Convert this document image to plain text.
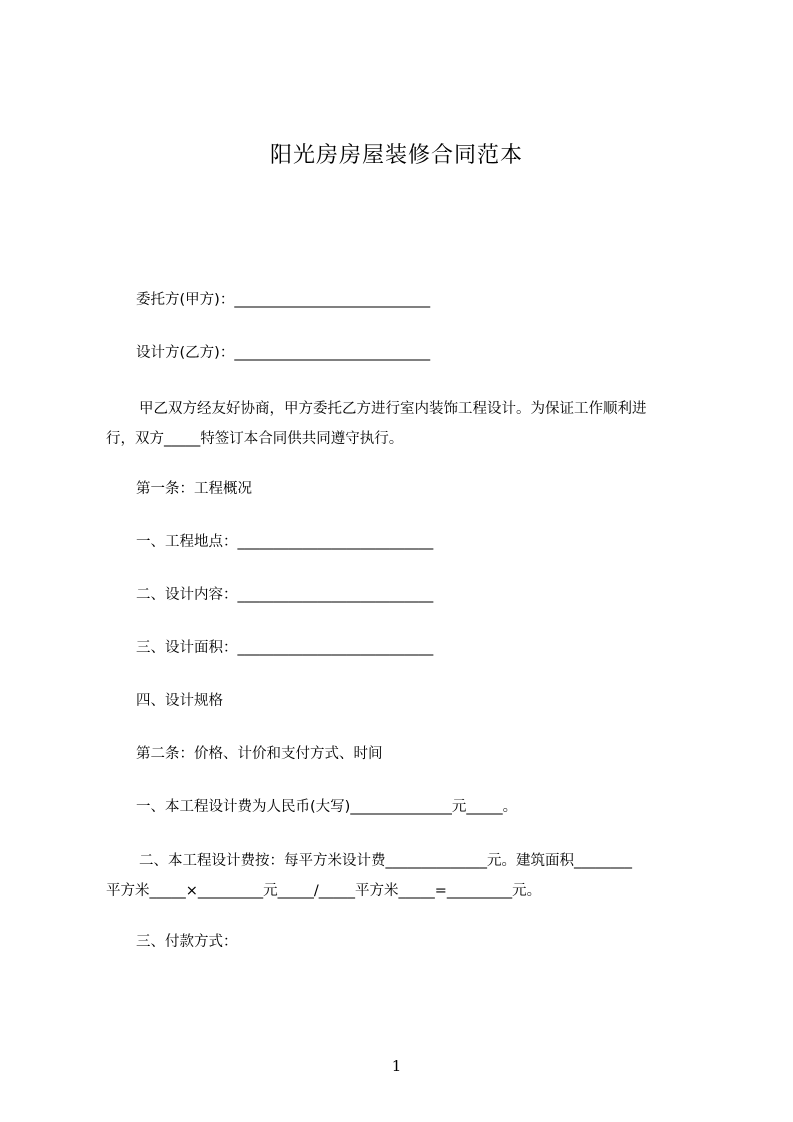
阳光房房屋装修合同范本
委托方(甲方)：___________________________
设计方(乙方)：___________________________
甲乙双方经友好协商，甲方委托乙方进行室内装饰工程设计。为保证工作顺利进
行，双方_____特签订本合同供共同遵守执行。
第一条：工程概况
一、工程地点：___________________________
二、设计内容：___________________________
三、设计面积：___________________________
四、设计规格
第二条：价格、计价和支付方式、时间
一、本工程设计费为人民币(大写)______________元_____。
二、本工程设计费按：每平方米设计费______________元。建筑面积________
平方米_____×_________元_____/_____平方米_____=_________元。
三、付款方式：
1
